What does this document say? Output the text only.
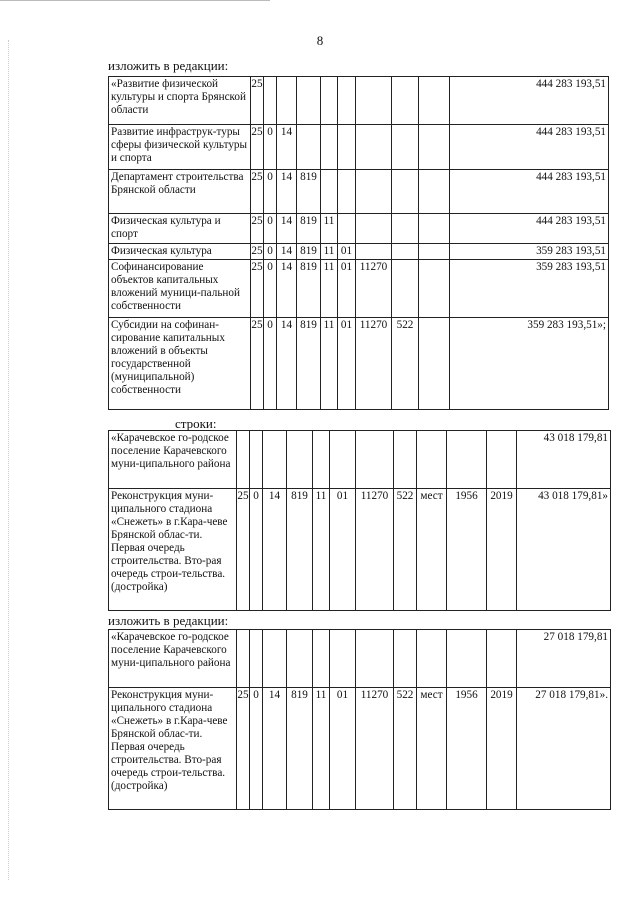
8
изложить в редакции:
«Развитие физической культуры и спорта Брянской области	25									444 283 193,51
Развитие инфраструк-туры сферы физической культуры и спорта	25	0	14							444 283 193,51
Департамент строительства Брянской области	25	0	14	819						444 283 193,51
Физическая культура и спорт	25	0	14	819	11					444 283 193,51
Физическая культура	25	0	14	819	11	01				359 283 193,51
Софинансирование объектов капитальных вложений муници-пальной собственности	25	0	14	819	11	01	11270			359 283 193,51
Субсидии на софинан-сирование капитальных вложений в объекты государственной (муниципальной) собственности	25	0	14	819	11	01	11270	522		359 283 193,51»;
строки:
«Карачевское го-родское поселение Карачевского муни-ципального района												43 018 179,81
Реконструкция муни-ципального стадиона «Снежеть» в г.Кара-чеве Брянской облас-ти. Первая очередь строительства. Вто-рая очередь строи-тельства. (достройка)	25	0	14	819	11	01	11270	522	мест	1956	2019	43 018 179,81»
изложить в редакции:
«Карачевское го-родское поселение Карачевского муни-ципального района												27 018 179,81
Реконструкция муни-ципального стадиона «Снежеть» в г.Кара-чеве Брянской облас-ти. Первая очередь строительства. Вто-рая очередь строи-тельства. (достройка)	25	0	14	819	11	01	11270	522	мест	1956	2019	27 018 179,81».
